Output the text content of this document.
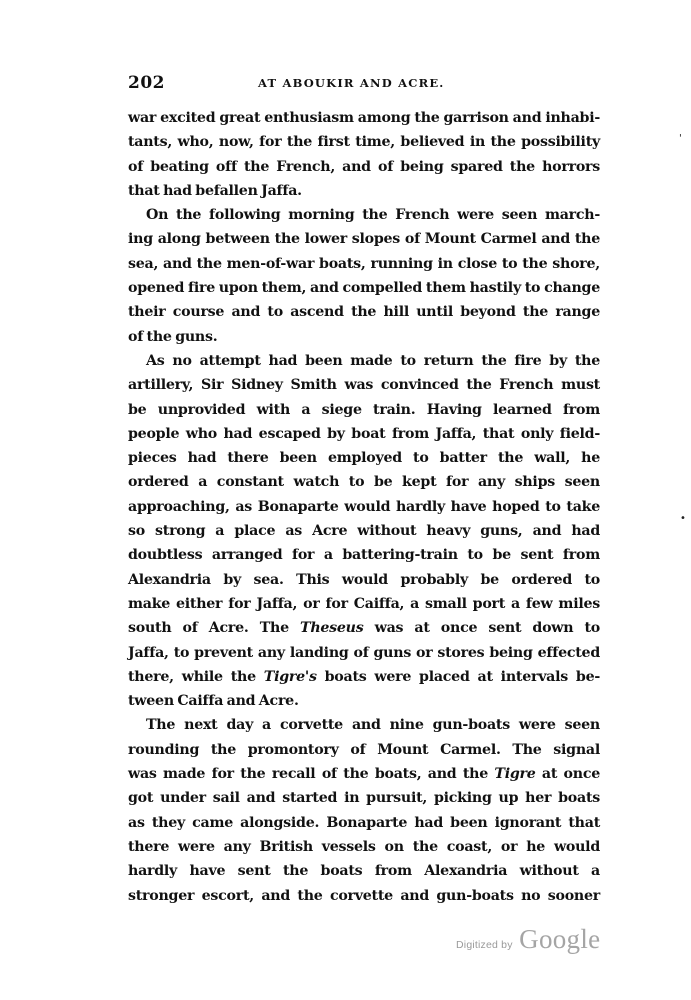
202	AT ABOUKIR AND ACRE.
war excited great enthusiasm among the garrison and inhabi-
tants, who, now, for the first time, believed in the possibility
of beating off the French, and of being spared the horrors
that had befallen Jaffa.
On the following morning the French were seen march-
ing along between the lower slopes of Mount Carmel and the
sea, and the men-of-war boats, running in close to the shore,
opened fire upon them, and compelled them hastily to change
their course and to ascend the hill until beyond the range
of the guns.
As no attempt had been made to return the fire by the
artillery, Sir Sidney Smith was convinced the French must
be unprovided with a siege train. Having learned from
people who had escaped by boat from Jaffa, that only field-
pieces had there been employed to batter the wall, he
ordered a constant watch to be kept for any ships seen
approaching, as Bonaparte would hardly have hoped to take
so strong a place as Acre without heavy guns, and had
doubtless arranged for a battering-train to be sent from
Alexandria by sea. This would probably be ordered to
make either for Jaffa, or for Caiffa, a small port a few miles
south of Acre. The Theseus was at once sent down to
Jaffa, to prevent any landing of guns or stores being effected
there, while the Tigre's boats were placed at intervals be-
tween Caiffa and Acre.
The next day a corvette and nine gun-boats were seen
rounding the promontory of Mount Carmel. The signal
was made for the recall of the boats, and the Tigre at once
got under sail and started in pursuit, picking up her boats
as they came alongside. Bonaparte had been ignorant that
there were any British vessels on the coast, or he would
hardly have sent the boats from Alexandria without a
stronger escort, and the corvette and gun-boats no sooner
'
•
Digitized by Google
